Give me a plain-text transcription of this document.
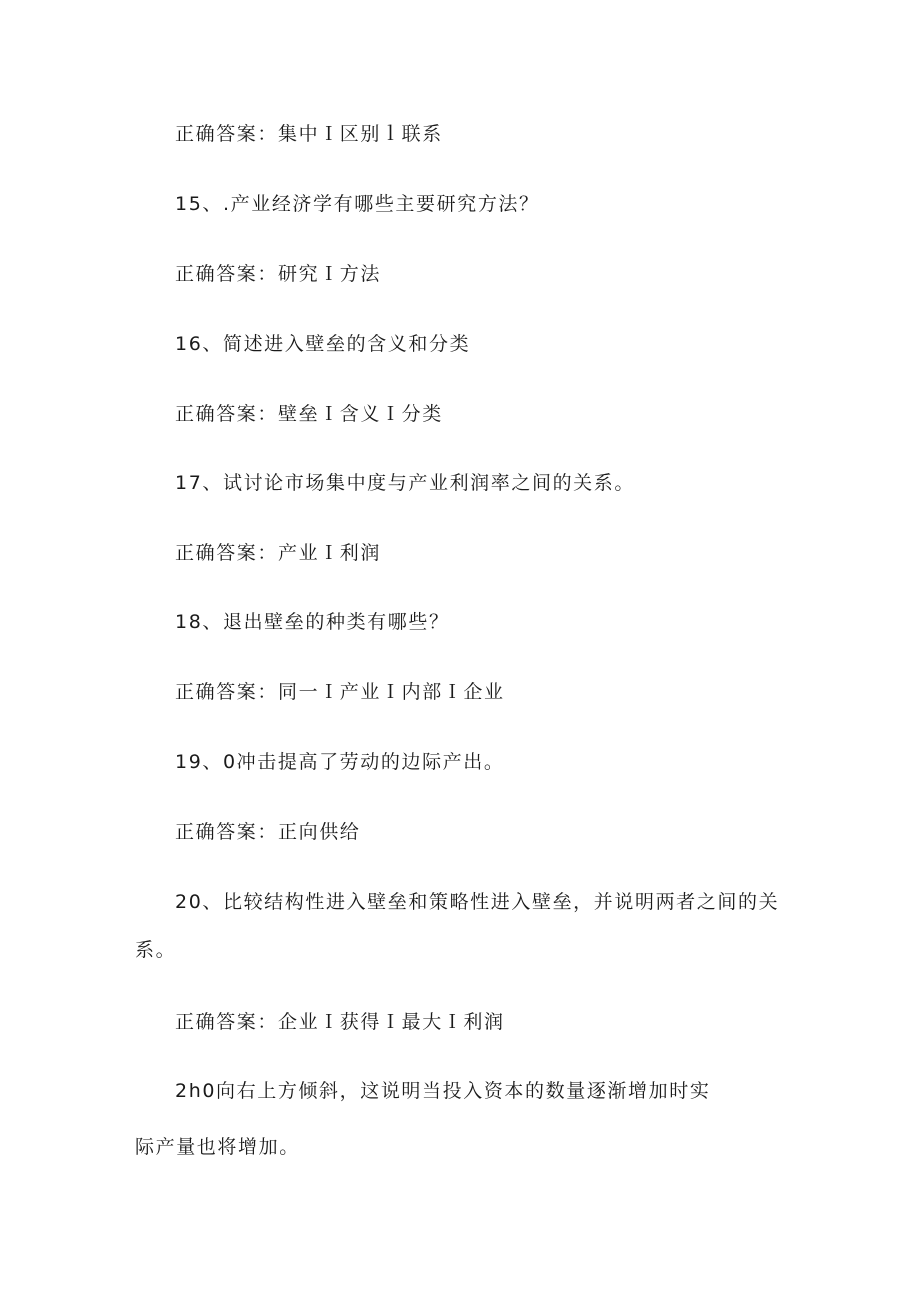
正确答案：集中Ｉ区别ｌ联系
15、.产业经济学有哪些主要研究方法？
正确答案：研究Ｉ方法
16、简述进入壁垒的含义和分类
正确答案：壁垒Ｉ含义Ｉ分类
17、试讨论市场集中度与产业利润率之间的关系。
正确答案：产业Ｉ利润
18、退出壁垒的种类有哪些？
正确答案：同一Ｉ产业Ｉ内部Ｉ企业
19、0冲击提高了劳动的边际产出。
正确答案：正向供给
20、比较结构性进入壁垒和策略性进入壁垒，并说明两者之间的关
系。
正确答案：企业Ｉ获得Ｉ最大Ｉ利润
2h0向右上方倾斜，这说明当投入资本的数量逐渐增加时实
际产量也将增加。
